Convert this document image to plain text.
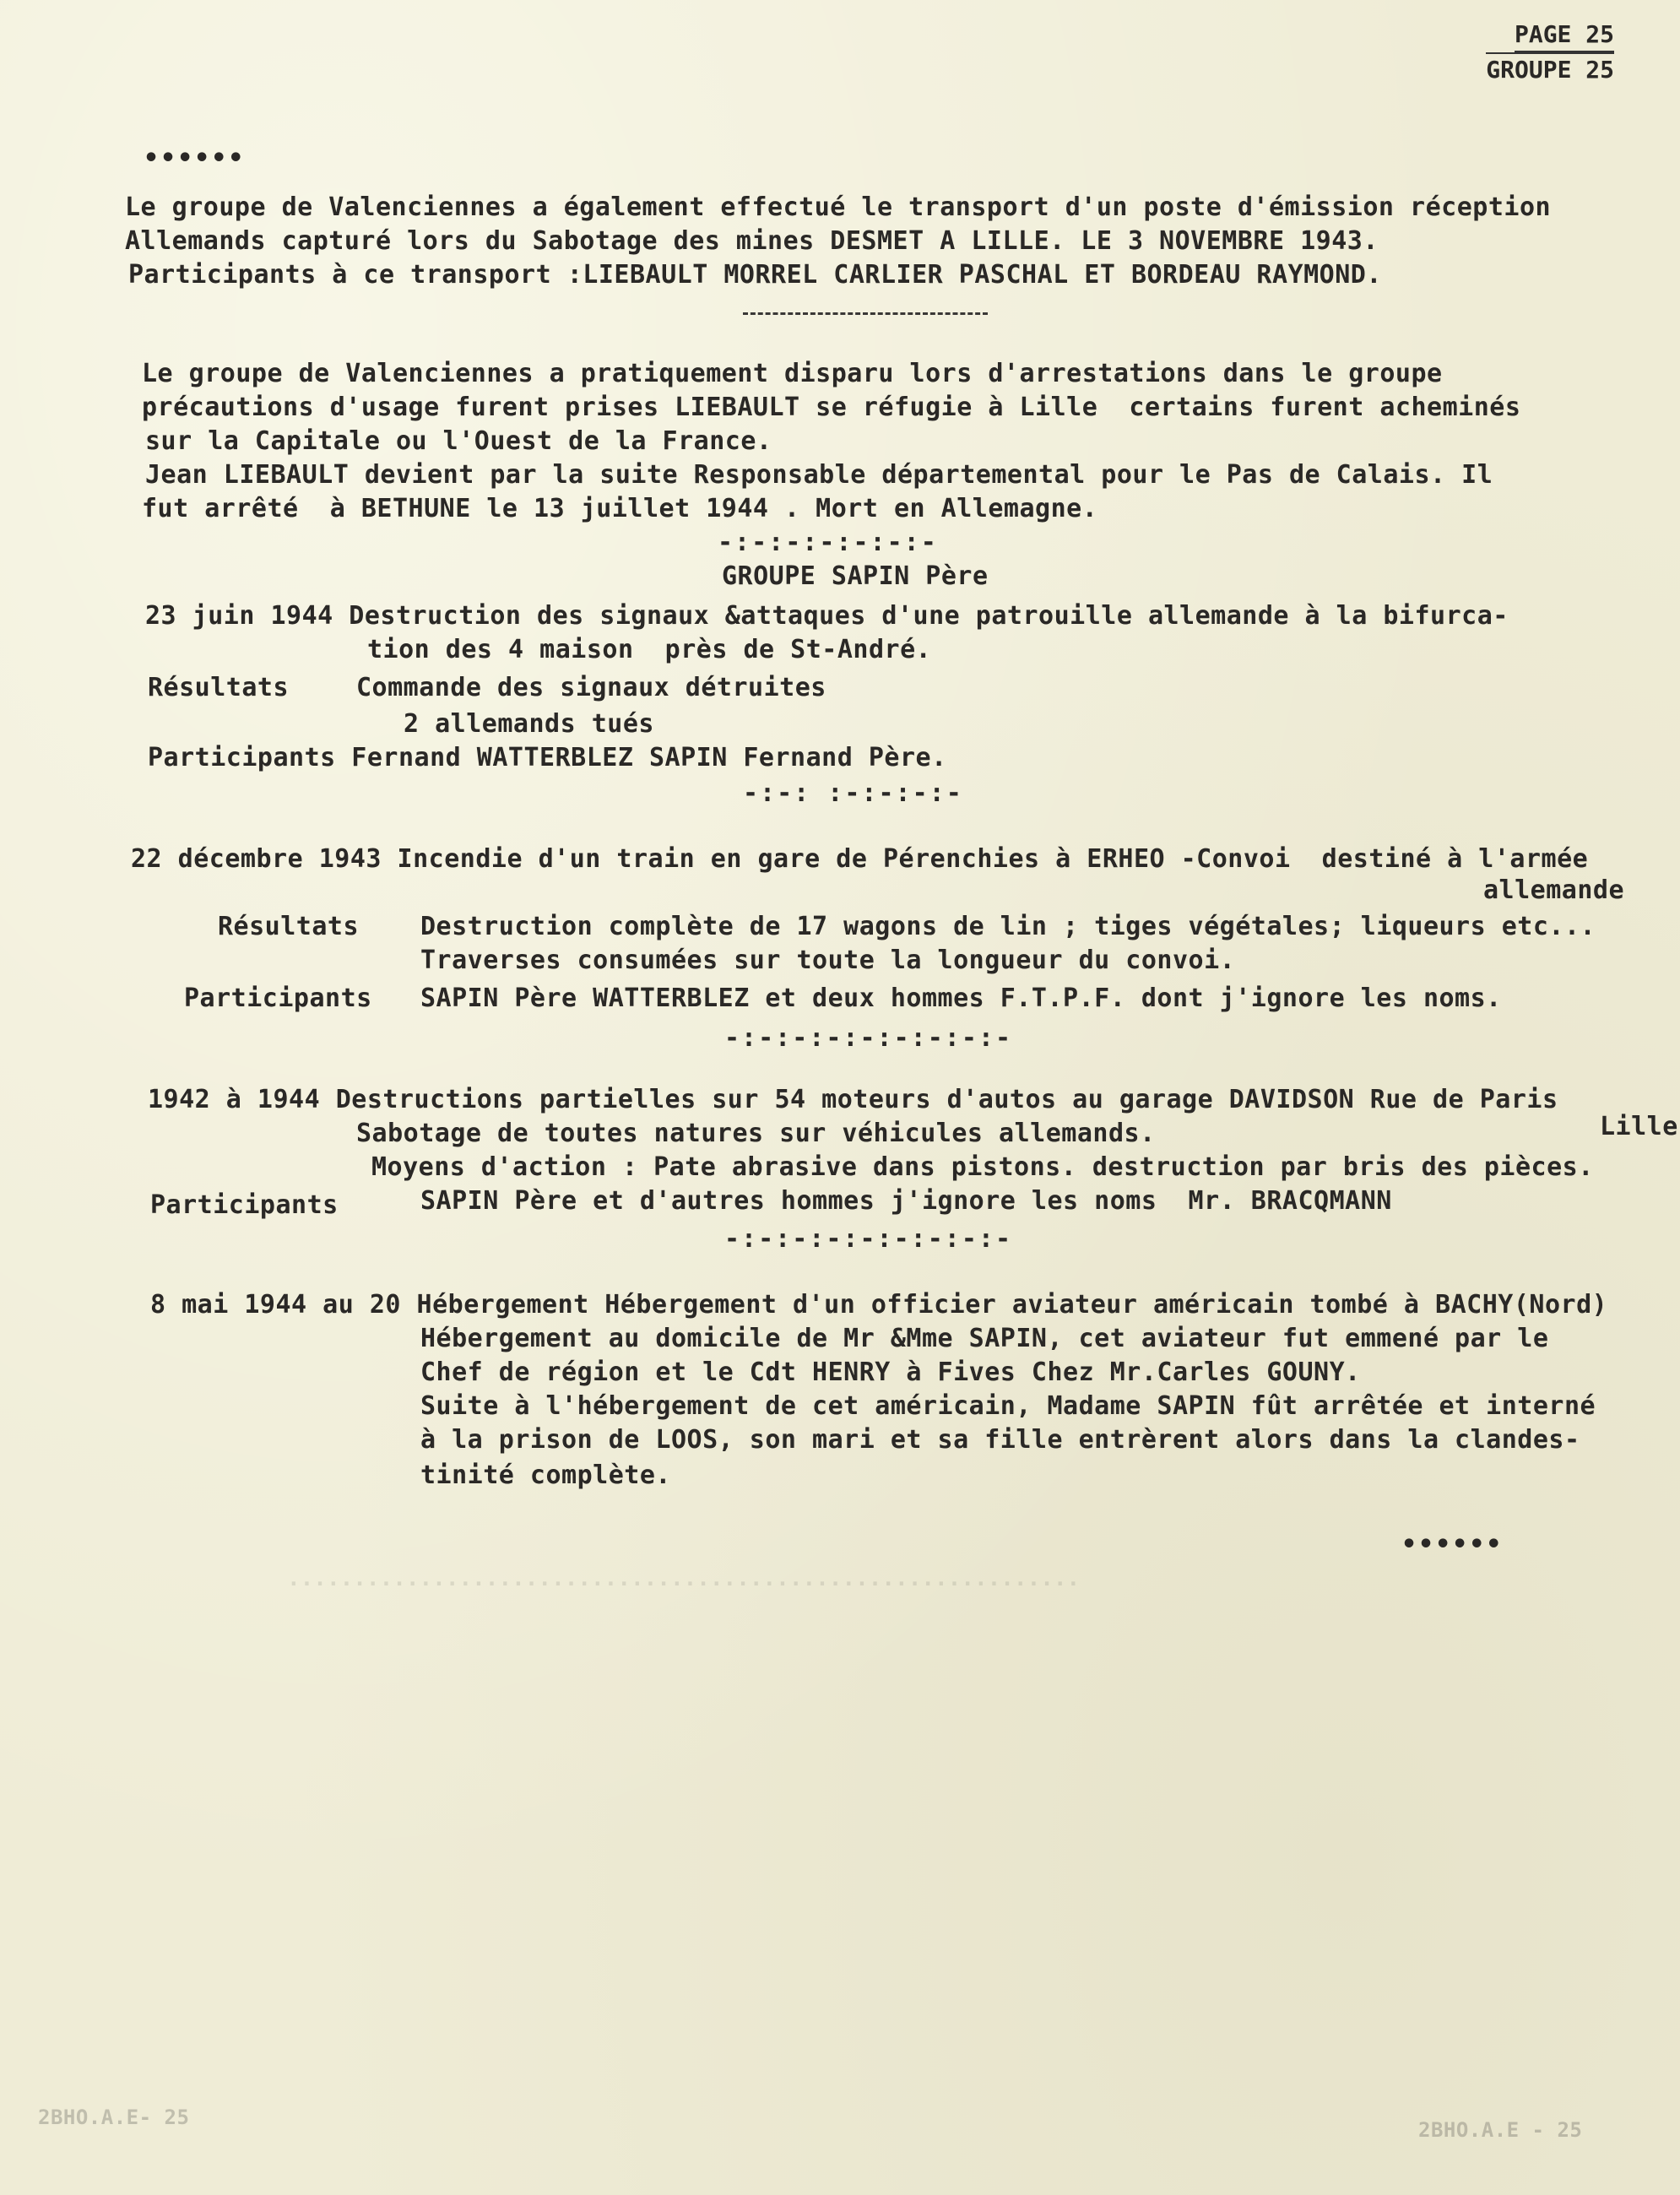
............................................................
PAGE 25
GROUPE 25
••••••
Le groupe de Valenciennes a également effectué le transport d'un poste d'émission réception
Allemands capturé lors du Sabotage des mines DESMET A LILLE. LE 3 NOVEMBRE 1943.
Participants à ce transport :LIEBAULT MORREL CARLIER PASCHAL ET BORDEAU RAYMOND.
Le groupe de Valenciennes a pratiquement disparu lors d'arrestations dans le groupe
précautions d'usage furent prises LIEBAULT se réfugie à Lille  certains furent acheminés
sur la Capitale ou l'Ouest de la France.
Jean LIEBAULT devient par la suite Responsable départemental pour le Pas de Calais. Il
fut arrêté  à BETHUNE le 13 juillet 1944 . Mort en Allemagne.
-:-:-:-:-:-:-
GROUPE SAPIN Père
23 juin 1944 Destruction des signaux &attaques d'une patrouille allemande à la bifurca-
tion des 4 maison  près de St-André.
Résultats	Commande des signaux détruites
2 allemands tués
Participants Fernand WATTERBLEZ SAPIN Fernand Père.
-:-: :-:-:-:-
22 décembre 1943 Incendie d'un train en gare de Pérenchies à ERHEO -Convoi  destiné à l'armée
allemande
Résultats Destruction complète de 17 wagons de lin ; tiges végétales; liqueurs etc...
Traverses consumées sur toute la longueur du convoi.
Participants SAPIN Père WATTERBLEZ et deux hommes F.T.P.F. dont j'ignore les noms.
-:-:-:-:-:-:-:-:-
1942 à 1944 Destructions partielles sur 54 moteurs d'autos au garage DAVIDSON Rue de Paris
Sabotage de toutes natures sur véhicules allemands.	Lille
Moyens d'action : Pate abrasive dans pistons. destruction par bris des pièces.
Participants	SAPIN Père et d'autres hommes j'ignore les noms  Mr. BRACQMANN
-:-:-:-:-:-:-:-:-
8 mai 1944 au 20 Hébergement Hébergement d'un officier aviateur américain tombé à BACHY(Nord)
Hébergement au domicile de Mr &Mme SAPIN, cet aviateur fut emmené par le
Chef de région et le Cdt HENRY à Fives Chez Mr.Carles GOUNY.
Suite à l'hébergement de cet américain, Madame SAPIN fût arrêtée et interné
à la prison de LOOS, son mari et sa fille entrèrent alors dans la clandes-
tinité complète.
••••••
2BHO.A.E- 25
2BHO.A.E - 25
